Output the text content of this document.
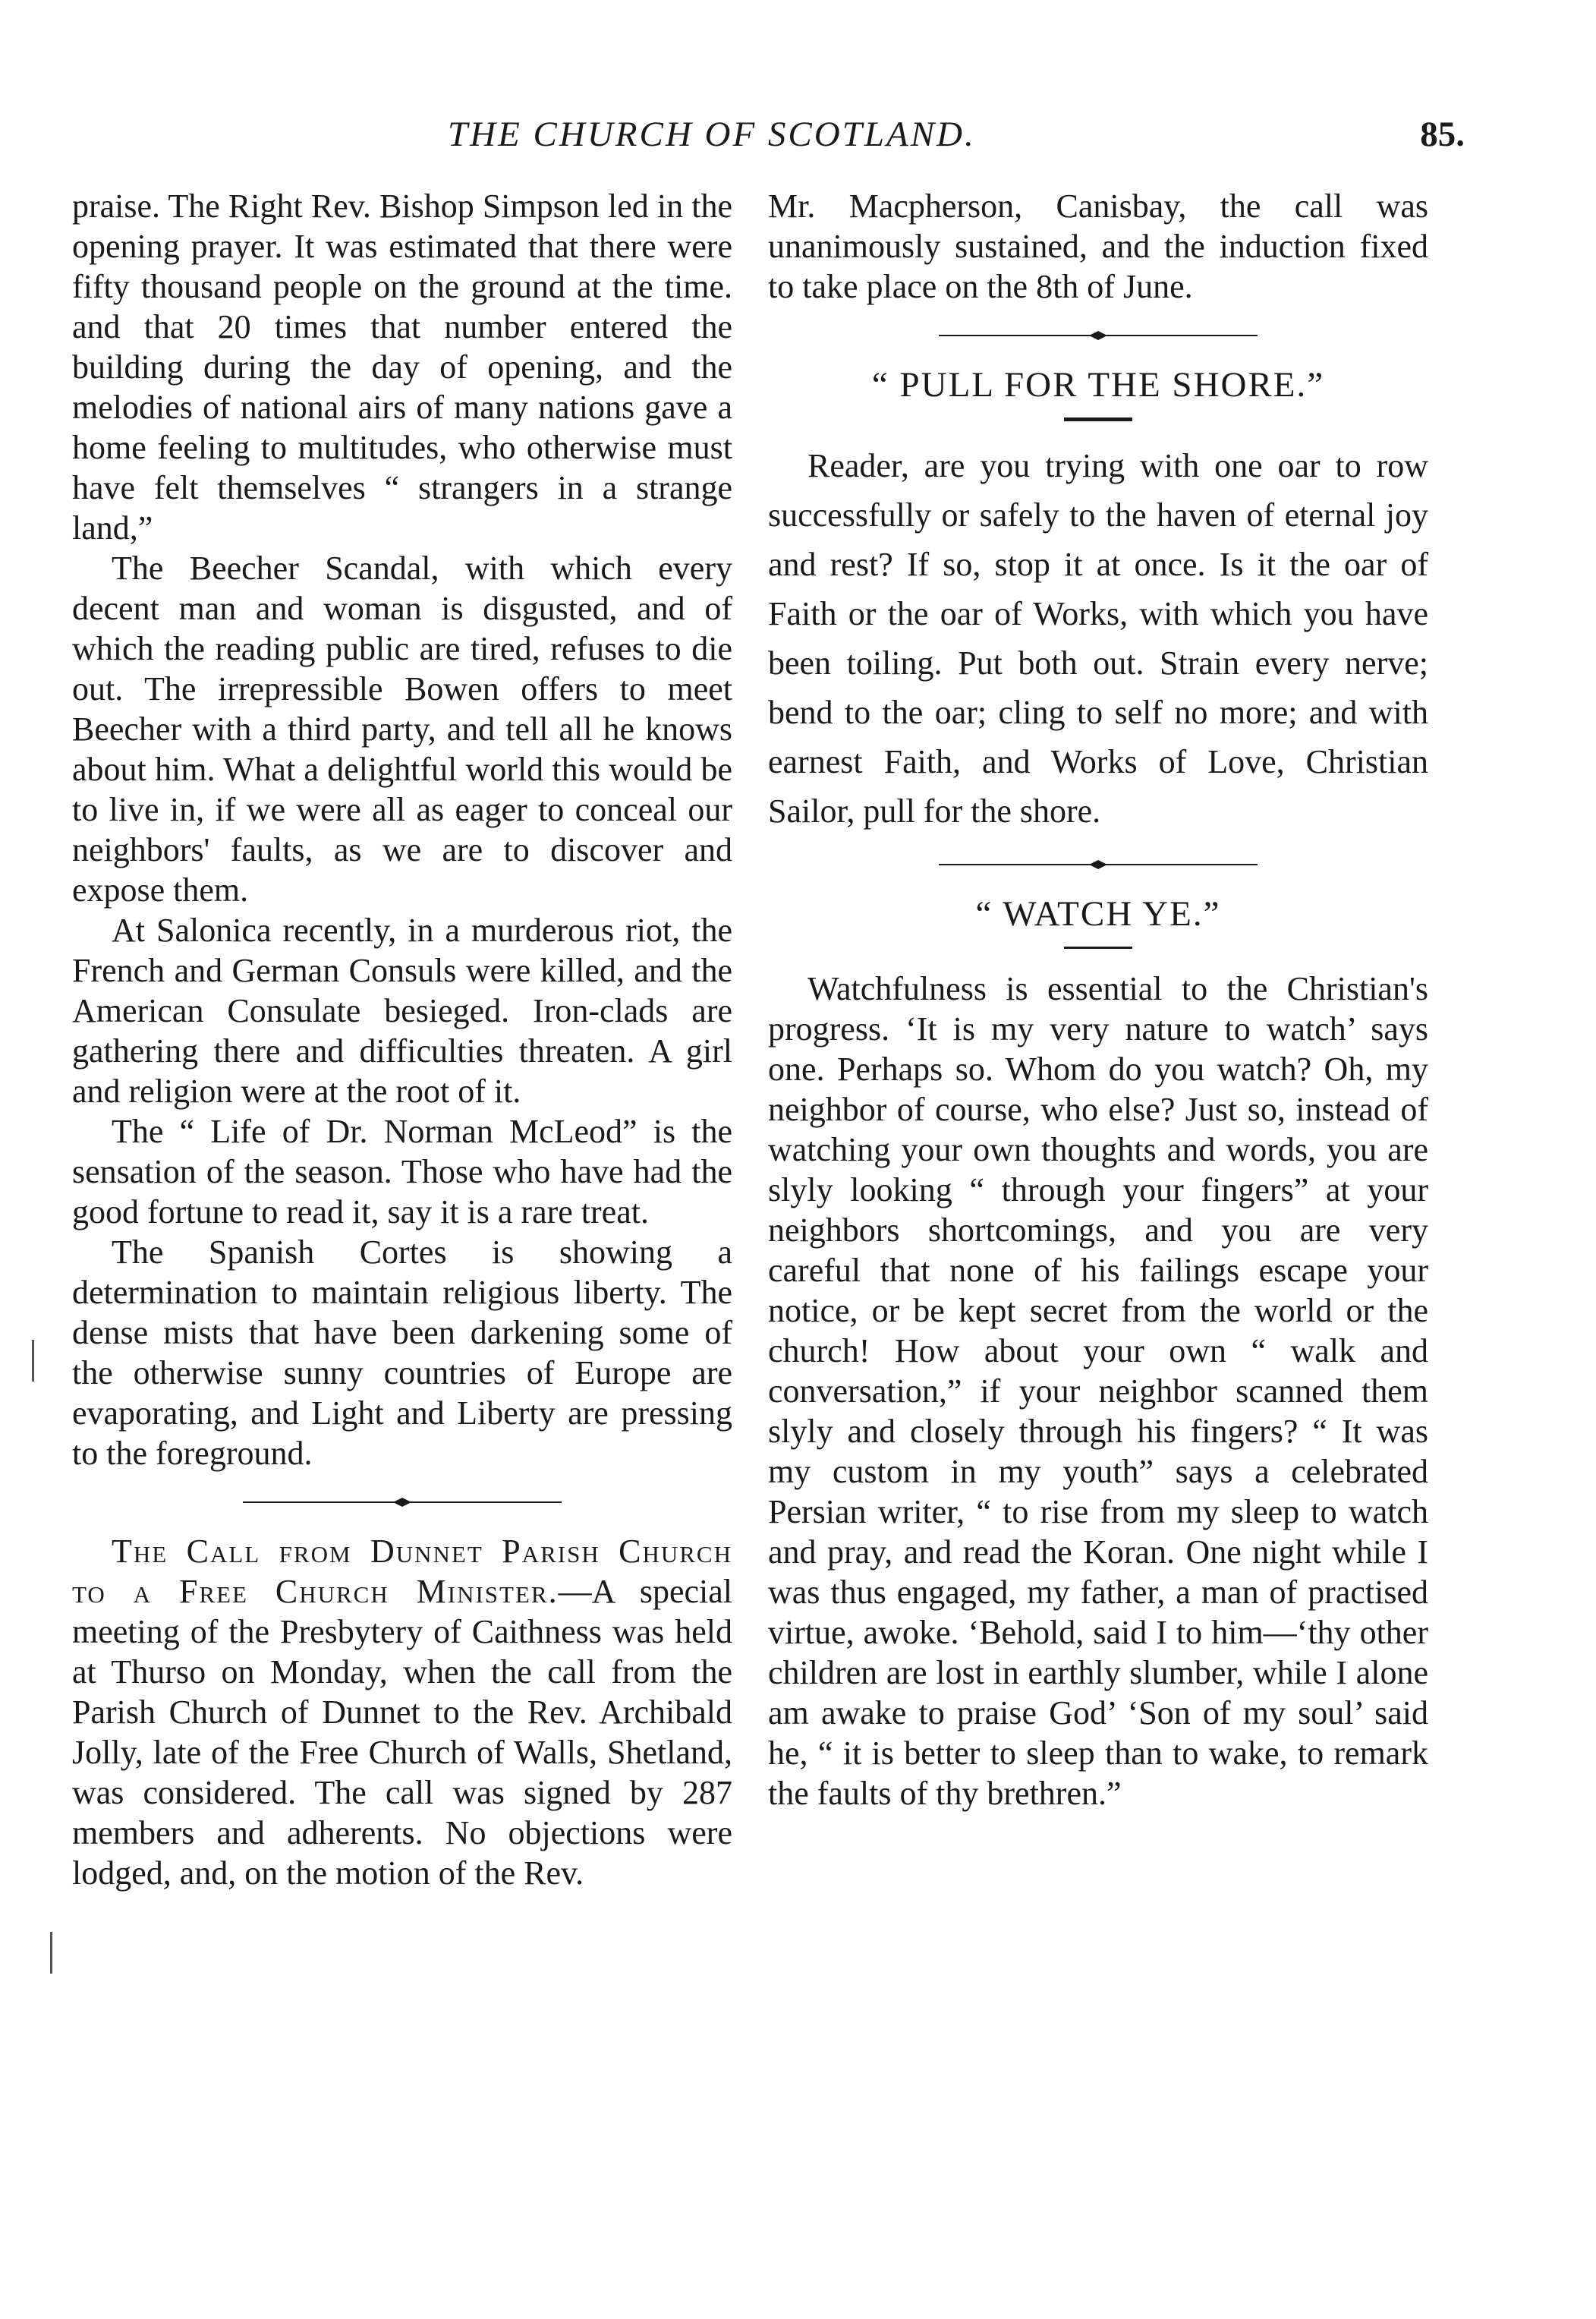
THE CHURCH OF SCOTLAND.	85.

praise. The Right Rev. Bishop Simpson led in the opening prayer. It was estimated that there were fifty thousand people on the ground at the time. and that 20 times that number entered the building during the day of opening, and the melodies of national airs of many nations gave a home feeling to multitudes, who otherwise must have felt themselves “ strangers in a strange land,”

The Beecher Scandal, with which every decent man and woman is disgusted, and of which the reading public are tired, refuses to die out. The irrepressible Bowen offers to meet Beecher with a third party, and tell all he knows about him. What a delightful world this would be to live in, if we were all as eager to conceal our neighbors' faults, as we are to discover and expose them.

At Salonica recently, in a murderous riot, the French and German Consuls were killed, and the American Consulate besieged. Iron-clads are gathering there and difficulties threaten. A girl and religion were at the root of it.

The “ Life of Dr. Norman McLeod” is the sensation of the season. Those who have had the good fortune to read it, say it is a rare treat.

The Spanish Cortes is showing a determination to maintain religious liberty. The dense mists that have been darkening some of the otherwise sunny countries of Europe are evaporating, and Light and Liberty are pressing to the foreground.

The Call from Dunnet Parish Church to a Free Church Minister.—A special meeting of the Presbytery of Caithness was held at Thurso on Monday, when the call from the Parish Church of Dunnet to the Rev. Archibald Jolly, late of the Free Church of Walls, Shetland, was considered. The call was signed by 287 members and adherents. No objections were lodged, and, on the motion of the Rev.

Mr. Macpherson, Canisbay, the call was unanimously sustained, and the induction fixed to take place on the 8th of June.

“ PULL FOR THE SHORE.”

Reader, are you trying with one oar to row successfully or safely to the haven of eternal joy and rest? If so, stop it at once. Is it the oar of Faith or the oar of Works, with which you have been toiling. Put both out. Strain every nerve; bend to the oar; cling to self no more; and with earnest Faith, and Works of Love, Christian Sailor, pull for the shore.

“ WATCH YE.”

Watchfulness is essential to the Christian's progress. ‘It is my very nature to watch’ says one. Perhaps so. Whom do you watch? Oh, my neighbor of course, who else? Just so, instead of watching your own thoughts and words, you are slyly looking “ through your fingers” at your neighbors shortcomings, and you are very careful that none of his failings escape your notice, or be kept secret from the world or the church! How about your own “ walk and conversation,” if your neighbor scanned them slyly and closely through his fingers? “ It was my custom in my youth” says a celebrated Persian writer, “ to rise from my sleep to watch and pray, and read the Koran. One night while I was thus engaged, my father, a man of practised virtue, awoke. ‘Behold, said I to him—‘thy other children are lost in earthly slumber, while I alone am awake to praise God’ ‘Son of my soul’ said he, “ it is better to sleep than to wake, to remark the faults of thy brethren.”
